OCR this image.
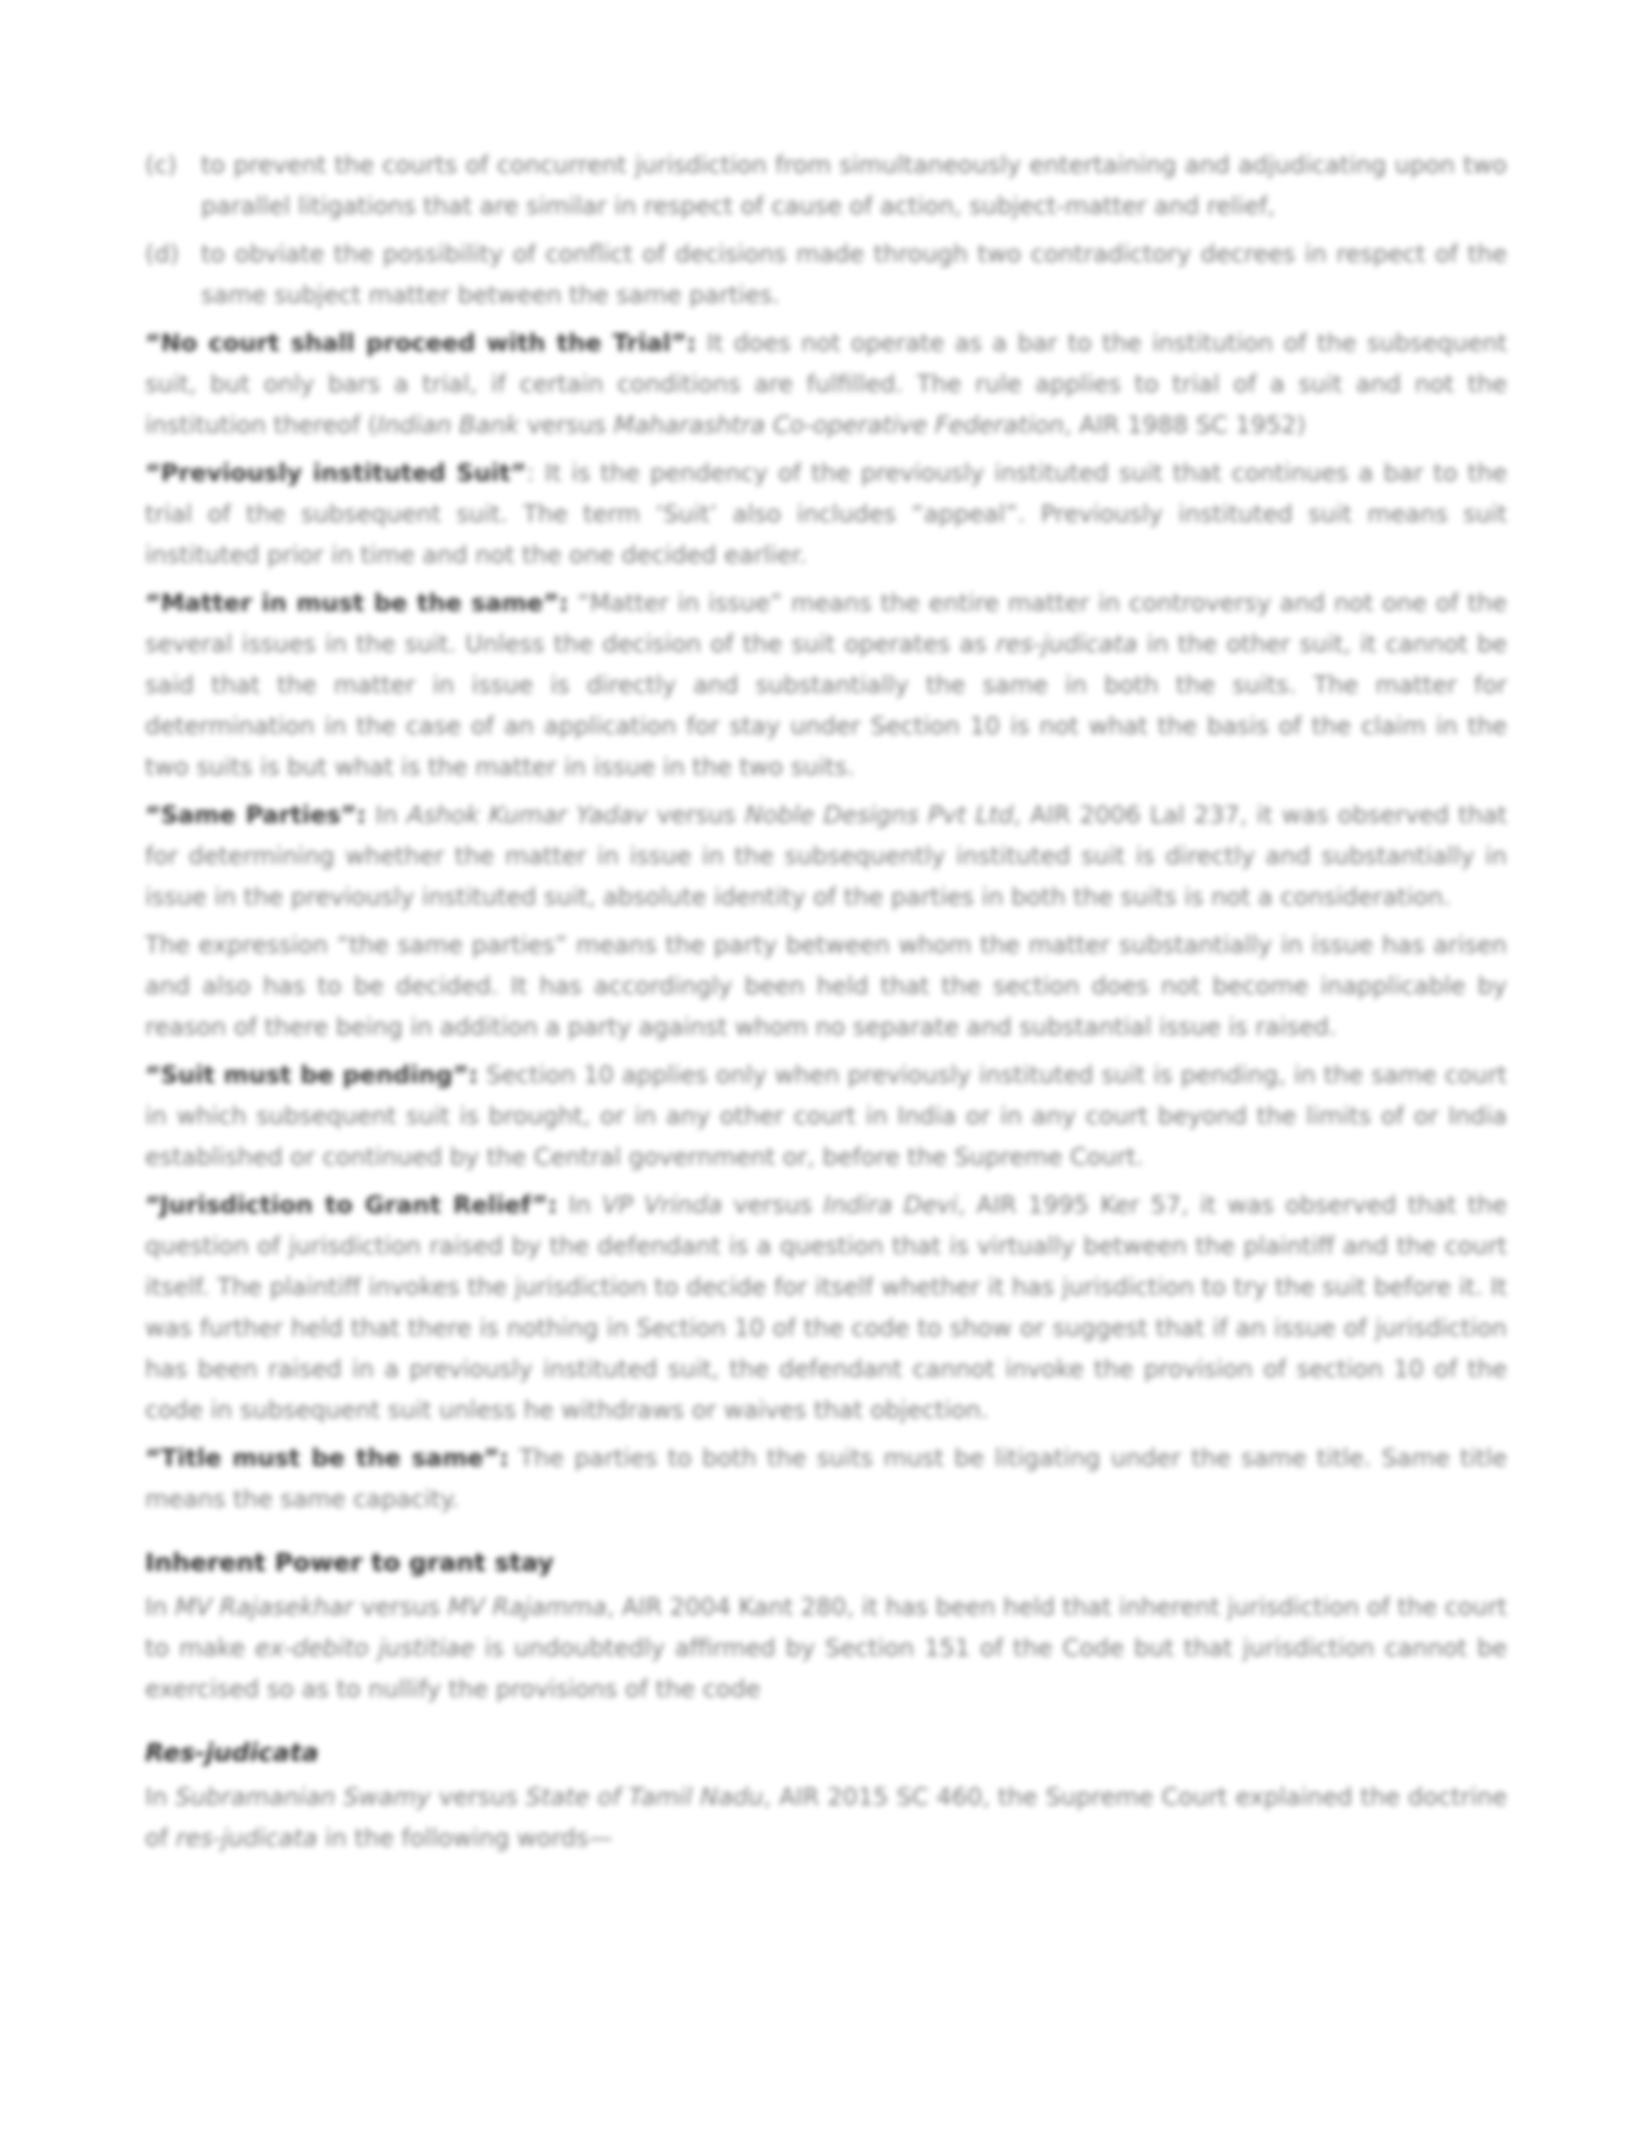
(c)	to prevent the courts of concurrent jurisdiction from simultaneously entertaining and adjudicating upon two parallel litigations that are similar in respect of cause of action, subject-matter and relief,
(d) to obviate the possibility of conflict of decisions made through two contradictory decrees in respect of the same subject matter between the same parties.

“No court shall proceed with the Trial”: It does not operate as a bar to the institution of the subsequent suit, but only bars a trial, if certain conditions are fulfilled. The rule applies to trial of a suit and not the institution thereof (Indian Bank versus Maharashtra Co-operative Federation, AIR 1988 SC 1952)

“Previously instituted Suit”: It is the pendency of the previously instituted suit that continues a bar to the trial of the subsequent suit. The term ‘Suit’ also includes “appeal”. Previously instituted suit means suit instituted prior in time and not the one decided earlier.

“Matter in must be the same”: “Matter in issue” means the entire matter in controversy and not one of the several issues in the suit. Unless the decision of the suit operates as res-judicata in the other suit, it cannot be said that the matter in issue is directly and substantially the same in both the suits. The matter for determination in the case of an application for stay under Section 10 is not what the basis of the claim in the two suits is but what is the matter in issue in the two suits.

“Same Parties”: In Ashok Kumar Yadav versus Noble Designs Pvt Ltd, AIR 2006 Lal 237, it was observed that for determining whether the matter in issue in the subsequently instituted suit is directly and substantially in issue in the previously instituted suit, absolute identity of the parties in both the suits is not a consideration.

The expression “the same parties” means the party between whom the matter substantially in issue has arisen and also has to be decided. It has accordingly been held that the section does not become inapplicable by reason of there being in addition a party against whom no separate and substantial issue is raised.

“Suit must be pending”: Section 10 applies only when previously instituted suit is pending, in the same court in which subsequent suit is brought, or in any other court in India or in any court beyond the limits of or India established or continued by the Central government or, before the Supreme Court.

“Jurisdiction to Grant Relief”: In VP Vrinda versus Indira Devi, AIR 1995 Ker 57, it was observed that the question of jurisdiction raised by the defendant is a question that is virtually between the plaintiff and the court itself. The plaintiff invokes the jurisdiction to decide for itself whether it has jurisdiction to try the suit before it. It was further held that there is nothing in Section 10 of the code to show or suggest that if an issue of jurisdiction has been raised in a previously instituted suit, the defendant cannot invoke the provision of section 10 of the code in subsequent suit unless he withdraws or waives that objection.

“Title must be the same”: The parties to both the suits must be litigating under the same title. Same title means the same capacity.

Inherent Power to grant stay

In MV Rajasekhar versus MV Rajamma, AIR 2004 Kant 280, it has been held that inherent jurisdiction of the court to make ex-debito justitiae is undoubtedly affirmed by Section 151 of the Code but that jurisdiction cannot be exercised so as to nullify the provisions of the code

Res-judicata

In Subramanian Swamy versus State of Tamil Nadu, AIR 2015 SC 460, the Supreme Court explained the doctrine of res-judicata in the following words—
